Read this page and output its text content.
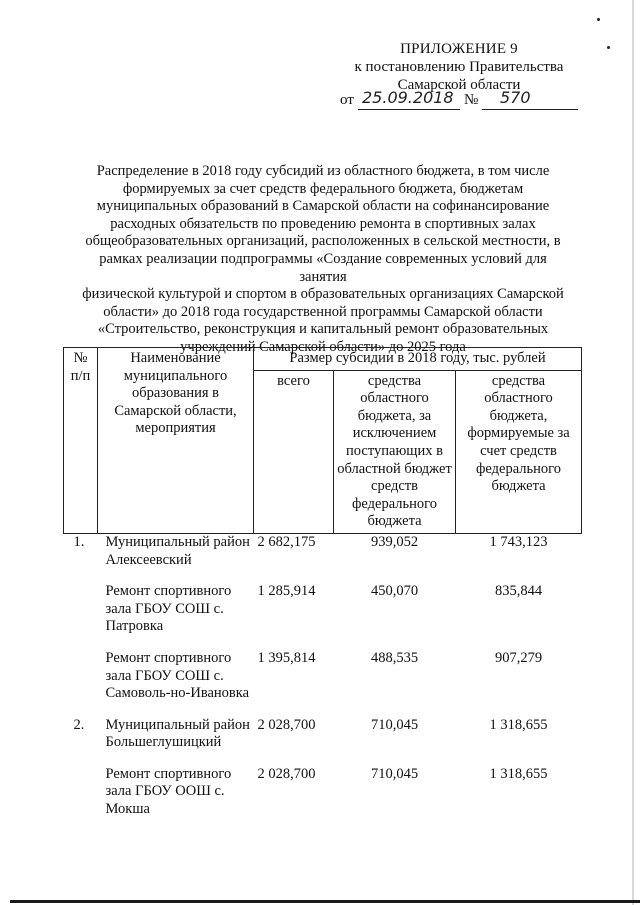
ПРИЛОЖЕНИЕ 9
к постановлению Правительства
Самарской области
от 25.09.2018 № 570
Распределение в 2018 году субсидий из областного бюджета, в том числе
формируемых за счет средств федерального бюджета, бюджетам
муниципальных образований в Самарской области на софинансирование
расходных обязательств по проведению ремонта в спортивных залах
общеобразовательных организаций, расположенных в сельской местности, в
рамках реализации подпрограммы «Создание современных условий для занятия
физической культурой и спортом в образовательных организациях Самарской
области» до 2018 года государственной программы Самарской области
«Строительство, реконструкция и капитальный ремонт образовательных
учреждений Самарской области» до 2025 года
№ п/п	Наименование муниципального образования в Самарской области, мероприятия	Размер субсидии в 2018 году, тыс. рублей		
		всего	средства областного бюджета, за исключением поступающих в областной бюджет средств федерального бюджета	средства областного бюджета, формируемые за счет средств федерального бюджета
1.	Муниципальный район Алексеевский	2 682,175	939,052	1 743,123

	Ремонт спортивного зала ГБОУ СОШ с. Патровка	1 285,914	450,070	835,844

	Ремонт спортивного зала ГБОУ СОШ с. Самоволь-но-Ивановка	1 395,814	488,535	907,279

2.	Муниципальный район Большеглушицкий	2 028,700	710,045	1 318,655

	Ремонт спортивного зала ГБОУ ООШ с. Мокша	2 028,700	710,045	1 318,655
